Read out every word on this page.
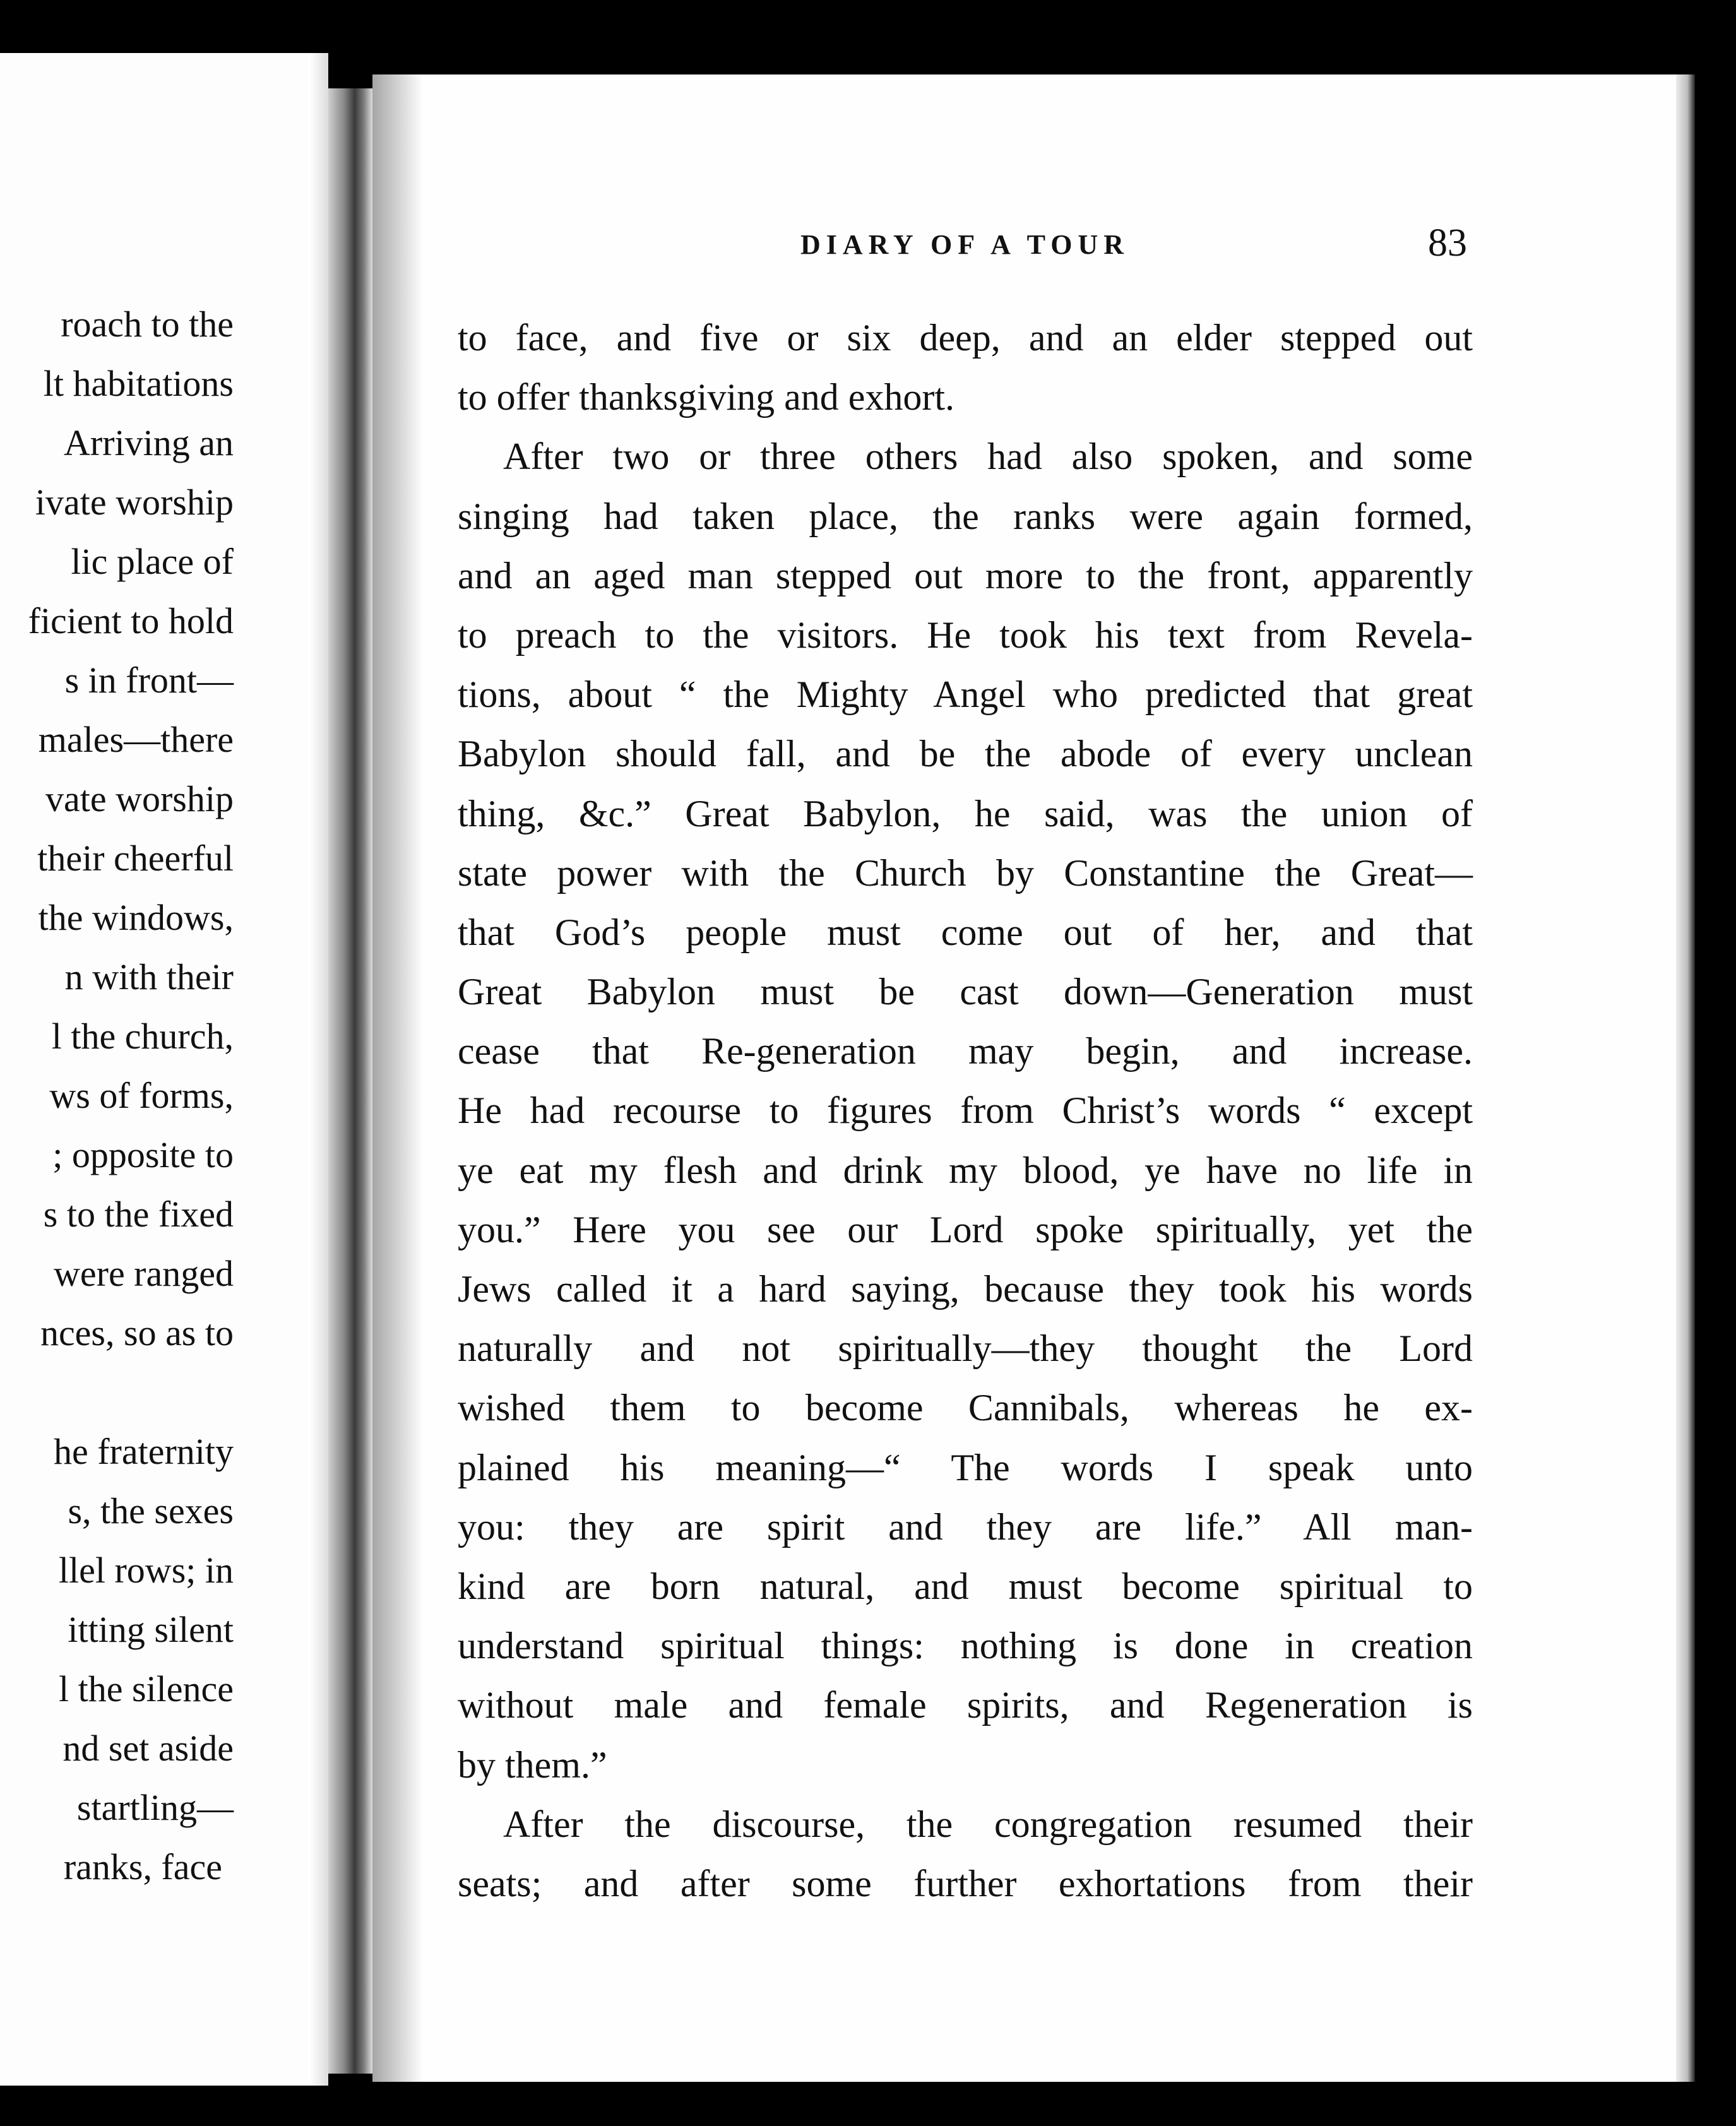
roach to the
lt habitations
Arriving an
ivate worship
lic place of
ficient to hold
s in front—
males—there
vate worship
their cheerful
the windows,
n with their
l the church,
ws of forms,
; opposite to
s to the fixed
were ranged
nces, so as to
he fraternity
s, the sexes
llel rows; in
itting silent
l the silence
nd set aside
startling—
ranks, face
DIARY OF A TOUR	83
to face, and five or six deep, and an elder stepped out
to offer thanksgiving and exhort.
After two or three others had also spoken, and some
singing had taken place, the ranks were again formed,
and an aged man stepped out more to the front, apparently
to preach to the visitors. He took his text from Revela-
tions, about “ the Mighty Angel who predicted that great
Babylon should fall, and be the abode of every unclean
thing, &c.” Great Babylon, he said, was the union of
state power with the Church by Constantine the Great—
that God’s people must come out of her, and that
Great Babylon must be cast down—Generation must
cease that Re-generation may begin, and increase.
He had recourse to figures from Christ’s words “ except
ye eat my flesh and drink my blood, ye have no life in
you.” Here you see our Lord spoke spiritually, yet the
Jews called it a hard saying, because they took his words
naturally and not spiritually—they thought the Lord
wished them to become Cannibals, whereas he ex-
plained his meaning—“ The words I speak unto
you: they are spirit and they are life.” All man-
kind are born natural, and must become spiritual to
understand spiritual things: nothing is done in creation
without male and female spirits, and Regeneration is
by them.”
After the discourse, the congregation resumed their
seats; and after some further exhortations from their
